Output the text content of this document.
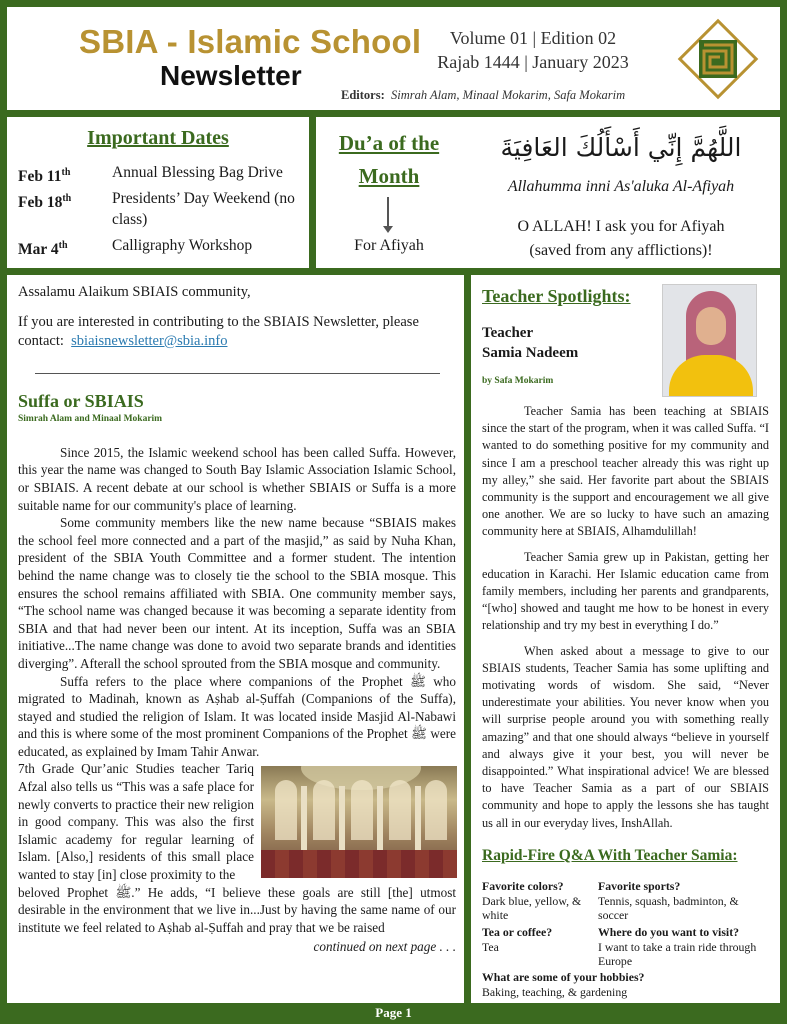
SBIA - Islamic School
Newsletter
Volume 01 | Edition 02
Rajab 1444 | January 2023
Editors: Simrah Alam, Minaal Mokarim, Safa Mokarim
Important Dates
Feb 11th	Annual Blessing Bag Drive
Feb 18th	Presidents’ Day Weekend (no class)
Mar 4th	Calligraphy Workshop
Du’a of the
Month
For Afiyah
اللَّهُمَّ إِنِّي أَسْأَلُكَ العَافِيَةَ
Allahumma inni As'aluka Al-Afiyah
O ALLAH! I ask you for Afiyah
(saved from any afflictions)!
Assalamu Alaikum SBIAIS community,
If you are interested in contributing to the SBIAIS Newsletter, please contact: sbiaisnewsletter@sbia.info
Suffa or SBIAIS
Simrah Alam and Minaal Mokarim

Since 2015, the Islamic weekend school has been called Suffa. However, this year the name was changed to South Bay Islamic Association Islamic School, or SBIAIS. A recent debate at our school is whether SBIAIS or Suffa is a more suitable name for our community's place of learning.

Some community members like the new name because “SBIAIS makes the school feel more connected and a part of the masjid,” as said by Nuha Khan, president of the SBIA Youth Committee and a former student. The intention behind the name change was to closely tie the school to the SBIA mosque. This ensures the school remains affiliated with SBIA. One community member says, “The school name was changed because it was becoming a separate identity from SBIA and that had never been our intent. At its inception, Suffa was an SBIA initiative...The name change was done to avoid two separate brands and identities diverging”. Afterall the school sprouted from the SBIA mosque and community.

Suffa refers to the place where companions of the Prophet ﷺ who migrated to Madinah, known as Aṣhab al-Ṣuffah (Companions of the Suffa), stayed and studied the religion of Islam. It was located inside Masjid Al-Nabawi and this is where some of the most prominent Companions of the Prophet ﷺ were educated, as explained by Imam Tahir Anwar.

7th Grade Qur’anic Studies teacher Tariq Afzal also tells us “This was a safe place for newly converts to practice their new religion in good company. This was also the first Islamic academy for regular learning of Islam. [Also,] residents of this small place wanted to stay [in] close proximity to the
beloved Prophet ﷺ.” He adds, “I believe these goals are still [the] utmost desirable in the environment that we live in...Just by having the same name of our institute we feel related to Aṣhab al-Ṣuffah and pray that we be raised
continued on next page . . .
Teacher Spotlights:
Teacher
Samia Nadeem
by Safa Mokarim

Teacher Samia has been teaching at SBIAIS since the start of the program, when it was called Suffa. “I wanted to do something positive for my community and since I am a preschool teacher already this was right up my alley,” she said. Her favorite part about the SBIAIS community is the support and encouragement we all give one another. We are so lucky to have such an amazing community here at SBIAIS, Alhamdulillah!

Teacher Samia grew up in Pakistan, getting her education in Karachi. Her Islamic education came from family members, including her parents and grandparents, “[who] showed and taught me how to be honest in every relationship and try my best in everything I do.”

When asked about a message to give to our SBIAIS students, Teacher Samia has some uplifting and motivating words of wisdom. She said, “Never underestimate your abilities. You never know when you will surprise people around you with something really amazing” and that one should always “believe in yourself and always give it your best, you will never be disappointed.” What inspirational advice! We are blessed to have Teacher Samia as a part of our SBIAIS community and hope to apply the lessons she has taught us all in our everyday lives, InshAllah.

Rapid-Fire Q&A With Teacher Samia:
Favorite colors?
Dark blue, yellow, & white
Favorite sports?
Tennis, squash, badminton, & soccer
Tea or coffee?
Tea
Where do you want to visit?
I want to take a train ride through Europe
What are some of your hobbies?
Baking, teaching, & gardening
Page 1
